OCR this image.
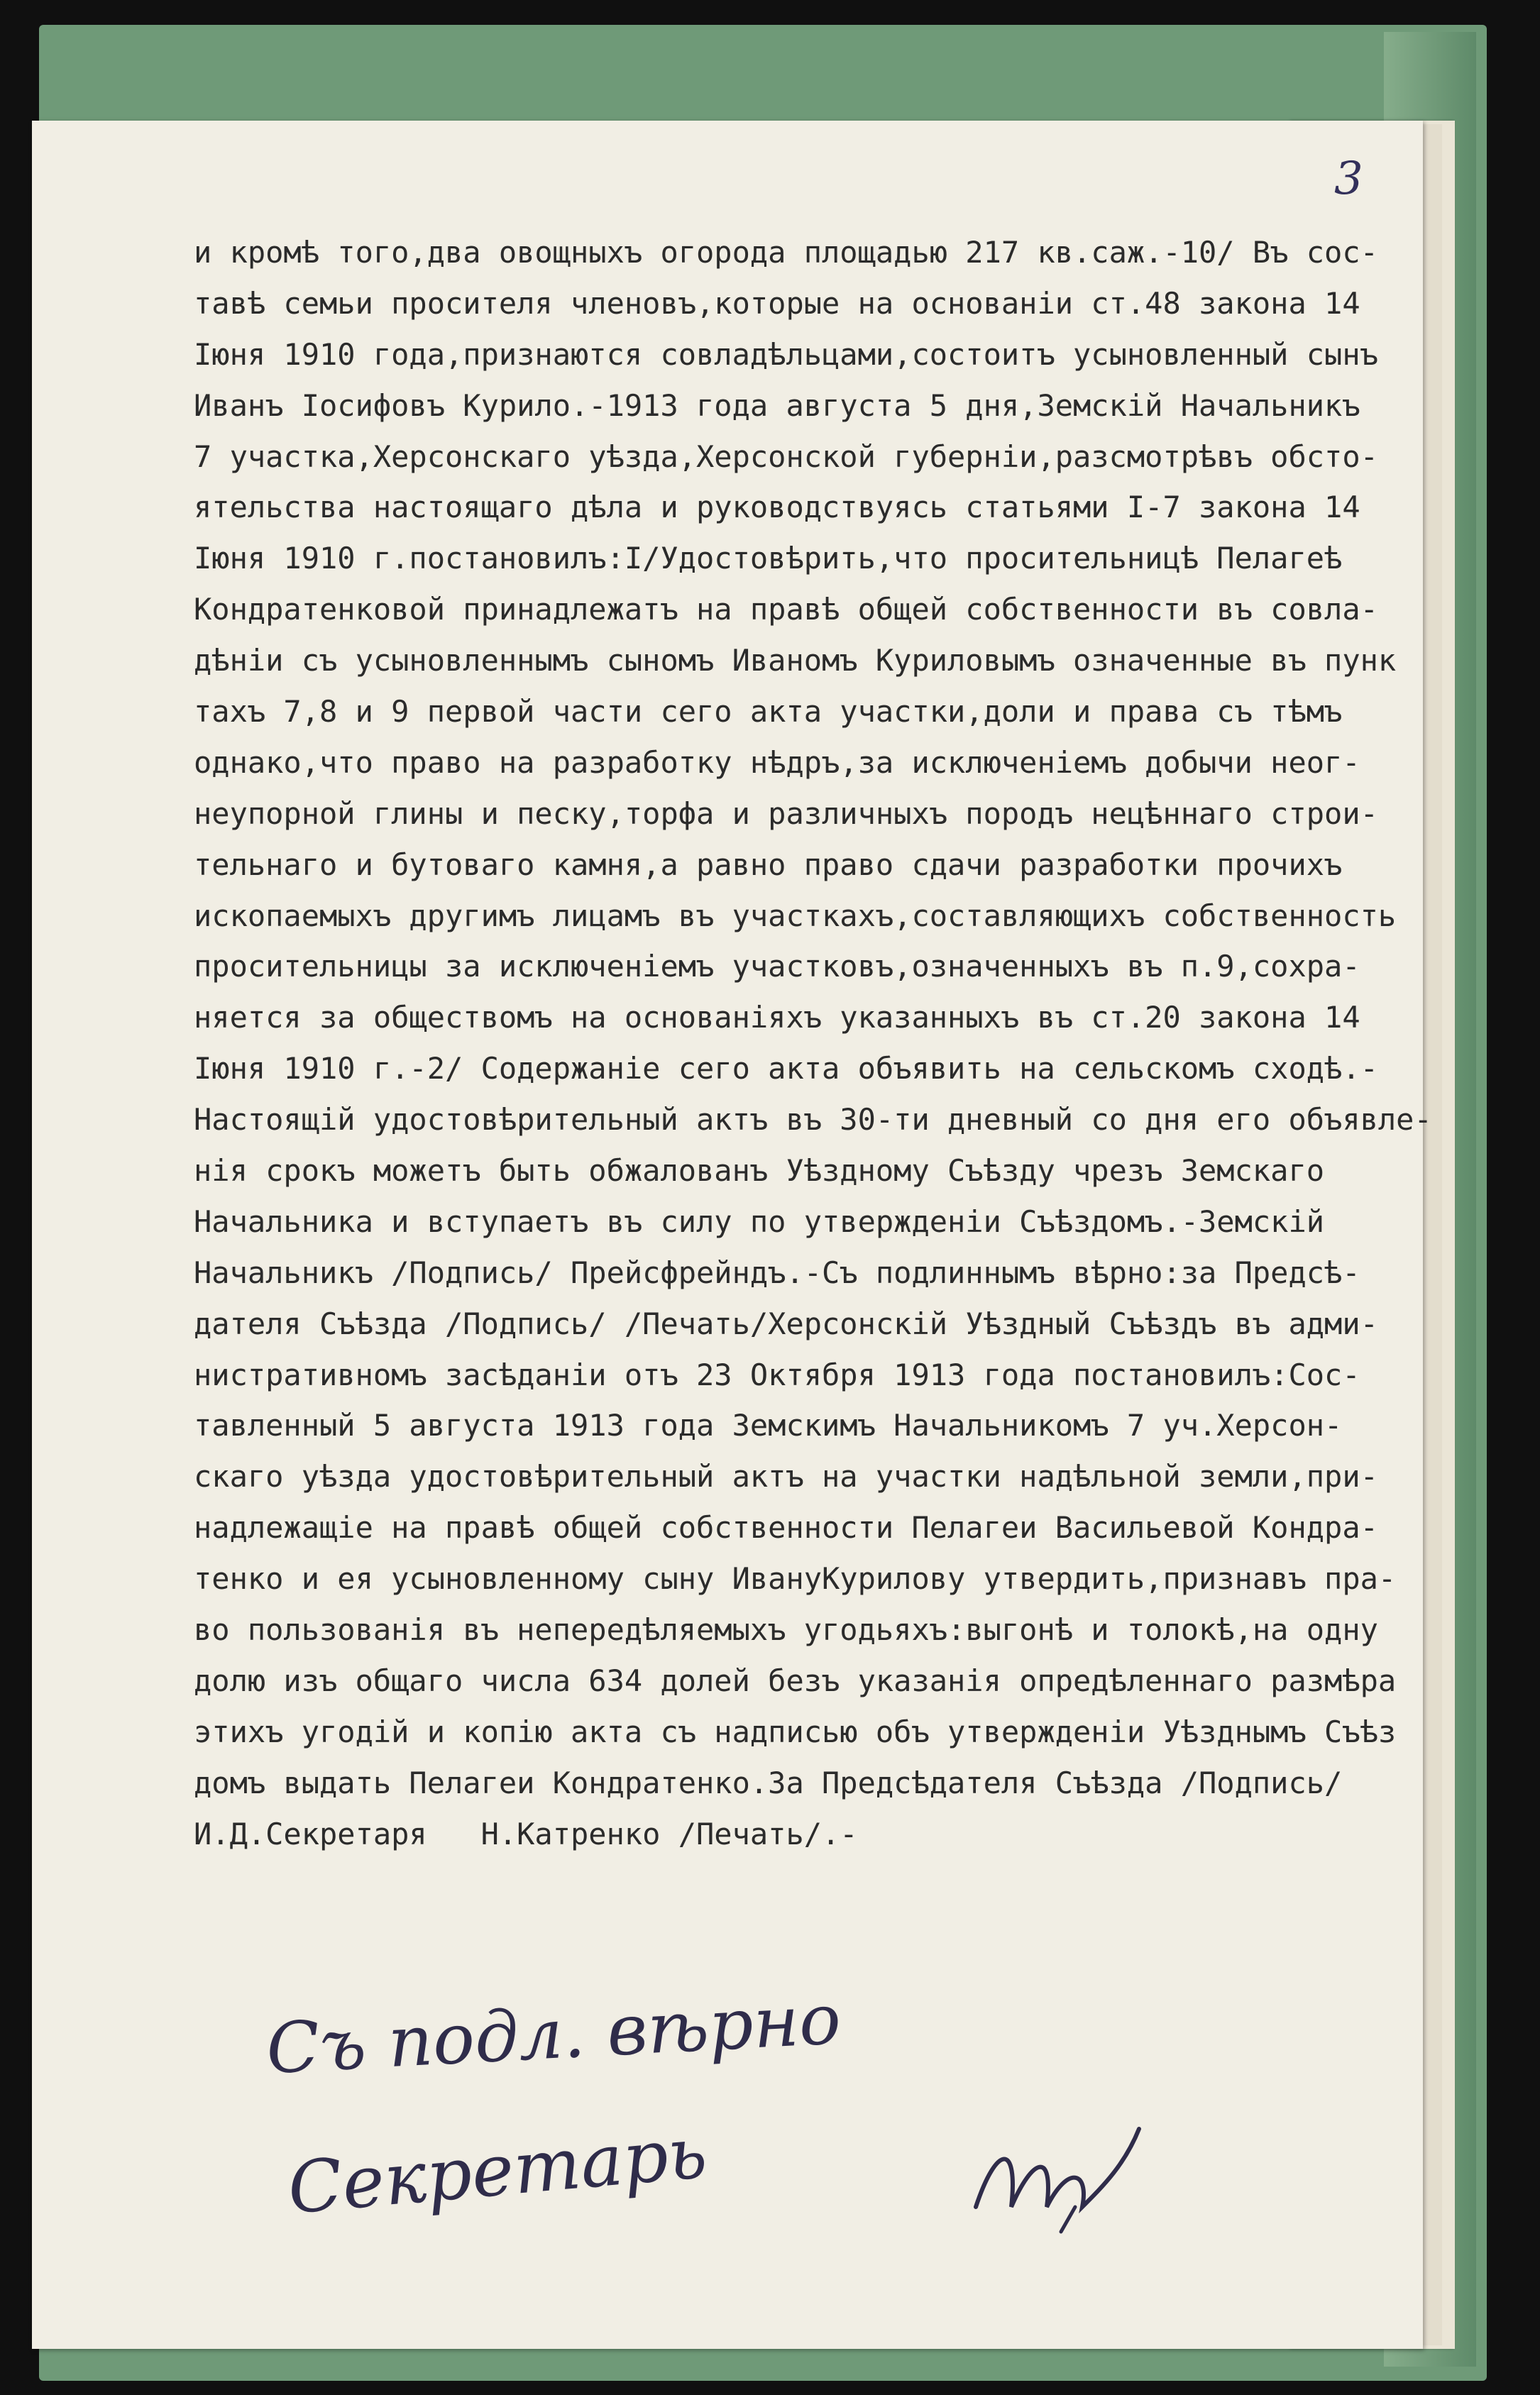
3
и кромѣ того,два овощныхъ огорода площадью 217 кв.саж.-10/ Въ сос-
тавѣ семьи просителя членовъ,которые на основанiи ст.48 закона 14
Iюня 1910 года,признаются совладѣльцами,состоитъ усыновленный сынъ
Иванъ Iосифовъ Курило.-1913 года августа 5 дня,Земскiй Начальникъ
7 участка,Херсонскаго уѣзда,Херсонской губернiи,разсмотрѣвъ обсто-
ятельства настоящаго дѣла и руководствуясь статьями I-7 закона 14
Iюня 1910 г.постановилъ:I/Удостовѣрить,что просительницѣ Пелагеѣ
Кондратенковой принадлежатъ на правѣ общей собственности въ совла-
дѣнiи съ усыновленнымъ сыномъ Иваномъ Куриловымъ означенные въ пунк
тахъ 7,8 и 9 первой части сего акта участки,доли и права съ тѣмъ
однако,что право на разработку нѣдръ,за исключенiемъ добычи неог-
неупорной глины и песку,торфа и различныхъ породъ нецѣннаго строи-
тельнаго и бутоваго камня,а равно право сдачи разработки прочихъ
ископаемыхъ другимъ лицамъ въ участкахъ,составляющихъ собственность
просительницы за исключенiемъ участковъ,означенныхъ въ п.9,сохра-
няется за обществомъ на основанiяхъ указанныхъ въ ст.20 закона 14
Iюня 1910 г.-2/ Содержанiе сего акта объявить на сельскомъ сходѣ.-
Настоящiй удостовѣрительный актъ въ 30-ти дневный со дня его объявле-
нiя срокъ можетъ быть обжалованъ Уѣздному Съѣзду чрезъ Земскаго
Начальника и вступаетъ въ силу по утвержденiи Съѣздомъ.-Земскiй
Начальникъ /Подпись/ Прейсфрейндъ.-Съ подлиннымъ вѣрно:за Предсѣ-
дателя Съѣзда /Подпись/ /Печать/Херсонскiй Уѣздный Съѣздъ въ адми-
нистративномъ засѣданiи отъ 23 Октября 1913 года постановилъ:Сос-
тавленный 5 августа 1913 года Земскимъ Начальникомъ 7 уч.Херсон-
скаго уѣзда удостовѣрительный актъ на участки надѣльной земли,при-
надлежащiе на правѣ общей собственности Пелагеи Васильевой Кондра-
тенко и ея усыновленному сыну ИвануКурилову утвердить,признавъ пра-
во пользованiя въ непередѣляемыхъ угодьяхъ:выгонѣ и толокѣ,на одну
долю изъ общаго числа 634 долей безъ указанiя опредѣленнаго размѣра
этихъ угодiй и копiю акта съ надписью объ утвержденiи Уѣзднымъ Съѣз
домъ выдать Пелагеи Кондратенко.За Предсѣдателя Съѣзда /Подпись/
И.Д.Секретаря   Н.Катренко /Печать/.-
Съ подл. вѣрно
Секретарь
